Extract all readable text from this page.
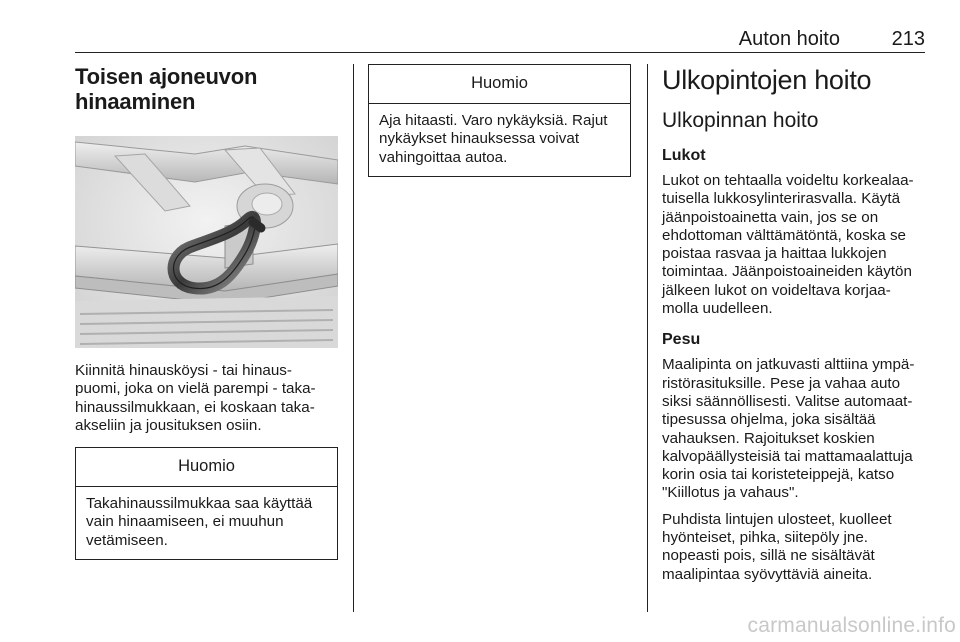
Auton hoito	213
Toisen ajoneuvon
hinaaminen

Kiinnitä hinausköysi - tai hinaus-
puomi, joka on vielä parempi - taka-
hinaussilmukkaan, ei koskaan taka-
akseliin ja jousituksen osiin.

Huomio
Takahinaussilmukkaa saa käyttää
vain hinaamiseen, ei muuhun
vetämiseen.
Huomio
Aja hitaasti. Varo nykäyksiä. Rajut
nykäykset hinauksessa voivat
vahingoittaa autoa.
Ulkopintojen hoito
Ulkopinnan hoito
Lukot

Lukot on tehtaalla voideltu korkealaa-
tuisella lukkosylinterirasvalla. Käytä
jäänpoistoainetta vain, jos se on
ehdottoman välttämätöntä, koska se
poistaa rasvaa ja haittaa lukkojen
toimintaa. Jäänpoistoaineiden käytön
jälkeen lukot on voideltava korjaa-
molla uudelleen.

Pesu

Maalipinta on jatkuvasti alttiina ympä-
ristörasituksille. Pese ja vahaa auto
siksi säännöllisesti. Valitse automaat-
tipesussa ohjelma, joka sisältää
vahauksen. Rajoitukset koskien
kalvopäällysteisiä tai mattamaalattuja
korin osia tai koristeteippejä, katso
"Kiillotus ja vahaus".

Puhdista lintujen ulosteet, kuolleet
hyönteiset, pihka, siitepöly jne.
nopeasti pois, sillä ne sisältävät
maalipintaa syövyttäviä aineita.

carmanualsonline.info
